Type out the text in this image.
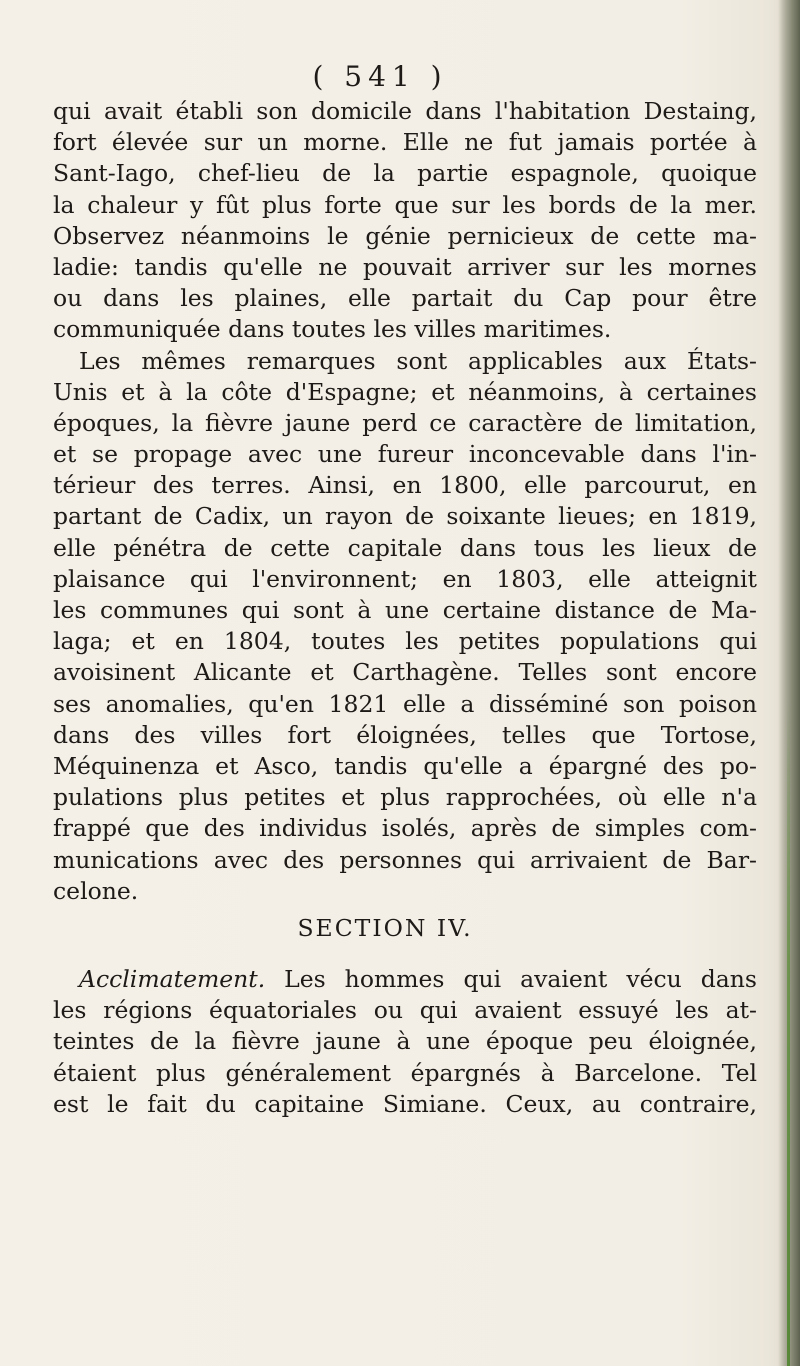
( 541 )
qui avait établi son domicile dans l'habitation Destaing,
fort élevée sur un morne. Elle ne fut jamais portée à
Sant-Iago, chef-lieu de la partie espagnole, quoique
la chaleur y fût plus forte que sur les bords de la mer.
Observez néanmoins le génie pernicieux de cette ma-
ladie: tandis qu'elle ne pouvait arriver sur les mornes
ou dans les plaines, elle partait du Cap pour être
communiquée dans toutes les villes maritimes.
Les mêmes remarques sont applicables aux États-
Unis et à la côte d'Espagne; et néanmoins, à certaines
époques, la fièvre jaune perd ce caractère de limitation,
et se propage avec une fureur inconcevable dans l'in-
térieur des terres. Ainsi, en 1800, elle parcourut, en
partant de Cadix, un rayon de soixante lieues; en 1819,
elle pénétra de cette capitale dans tous les lieux de
plaisance qui l'environnent; en 1803, elle atteignit
les communes qui sont à une certaine distance de Ma-
laga; et en 1804, toutes les petites populations qui
avoisinent Alicante et Carthagène. Telles sont encore
ses anomalies, qu'en 1821 elle a disséminé son poison
dans des villes fort éloignées, telles que Tortose,
Méquinenza et Asco, tandis qu'elle a épargné des po-
pulations plus petites et plus rapprochées, où elle n'a
frappé que des individus isolés, après de simples com-
munications avec des personnes qui arrivaient de Bar-
celone.
SECTION IV.
Acclimatement. Les hommes qui avaient vécu dans
les régions équatoriales ou qui avaient essuyé les at-
teintes de la fièvre jaune à une époque peu éloignée,
étaient plus généralement épargnés à Barcelone. Tel
est le fait du capitaine Simiane. Ceux, au contraire,
